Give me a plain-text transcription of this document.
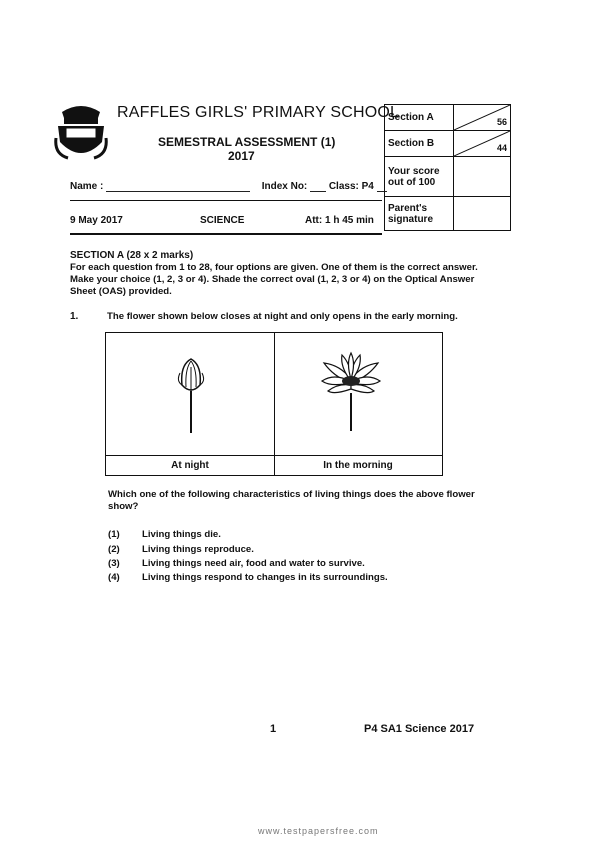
RAFFLES GIRLS' PRIMARY SCHOOL
SEMESTRAL ASSESSMENT (1)
2017
Name :	Index No:  Class: P4
9 May 2017	SCIENCE	Att: 1 h 45 min
Section A	56

Section B	44

Your score out of 100	
Parent's signature	
SECTION A (28 x 2 marks)
For each question from 1 to 28, four options are given. One of them is the correct answer. Make your choice (1, 2, 3 or 4). Shade the correct oval (1, 2, 3 or 4) on the Optical Answer Sheet (OAS) provided.
1.	The flower shown below closes at night and only opens in the early morning.
At night	In the morning
Which one of the following characteristics of living things does the above flower show?
(1) Living things die.
(2) Living things reproduce.
(3) Living things need air, food and water to survive.
(4) Living things respond to changes in its surroundings.
1	P4 SA1 Science 2017
www.testpapersfree.com
